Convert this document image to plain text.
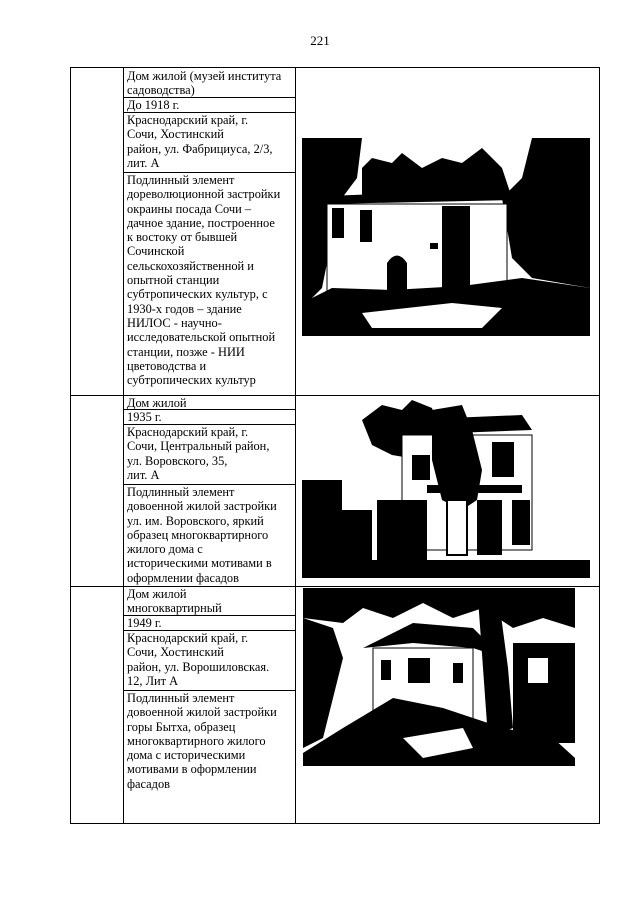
221
Дом жилой (музей института
садоводства)
До 1918 г.
Краснодарский край, г.
Сочи, Хостинский
район, ул. Фабрициуса, 2/3,
лит. А
Подлинный элемент
дореволюционной застройки
окраины посада Сочи –
дачное здание, построенное
к востоку от бывшей
Сочинской
сельскохозяйственной и
опытной станции
субтропических культур, с
1930-х годов – здание
НИЛОС - научно-
исследовательской опытной
станции, позже - НИИ
цветоводства и
субтропических культур
Дом жилой
1935 г.
Краснодарский край, г.
Сочи, Центральный район,
ул. Воровского, 35,
лит. А
Подлинный элемент
довоенной жилой застройки
ул. им. Воровского, яркий
образец многоквартирного
жилого дома с
историческими мотивами в
оформлении фасадов
Дом жилой
многоквартирный
1949 г.
Краснодарский край, г.
Сочи, Хостинский
район, ул. Ворошиловская.
12, Лит А
Подлинный элемент
довоенной жилой застройки
горы Бытха, образец
многоквартирного жилого
дома с историческими
мотивами в оформлении
фасадов
